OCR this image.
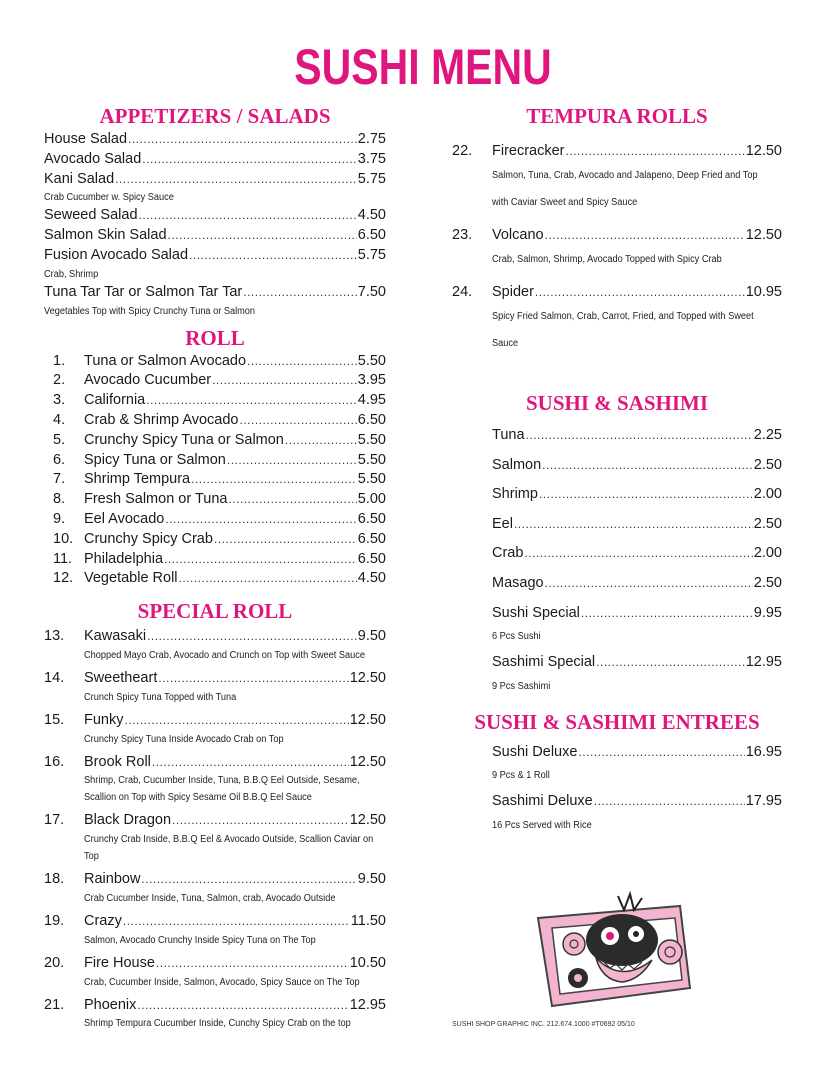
SUSHI MENU
APPETIZERS / SALADS
House Salad .....	2.75
Avocado Salad .....	3.75
Kani Salad .....	5.75
Crab Cucumber w. Spicy Sauce
Seweed Salad .....	4.50
Salmon Skin Salad .....	6.50
Fusion Avocado Salad .....	5.75
Crab, Shrimp
Tuna Tar Tar or Salmon Tar Tar .....	7.50
Vegetables Top with Spicy Crunchy Tuna or Salmon
ROLL
1.	Tuna or Salmon Avocado .....	5.50
2.	Avocado Cucumber .....	3.95
3.	California .....	4.95
4.	Crab & Shrimp Avocado .....	6.50
5.	Crunchy Spicy Tuna or Salmon .....	5.50
6.	Spicy Tuna or Salmon .....	5.50
7.	Shrimp Tempura .....	5.50
8.	Fresh Salmon or Tuna .....	5.00
9.	Eel Avocado .....	6.50
10. Crunchy Spicy Crab .....	6.50
11. Philadelphia .....	6.50
12. Vegetable Roll .....	4.50
SPECIAL ROLL
13.	Kawasaki .....	9.50
Chopped Mayo Crab, Avocado and Crunch on Top with Sweet Sauce
14.	Sweetheart .....	12.50
Crunch Spicy Tuna Topped with Tuna
15.	Funky .....	12.50
Crunchy Spicy Tuna Inside Avocado Crab on Top
16.	Brook Roll .....	12.50
Shrimp, Crab, Cucumber Inside, Tuna, B.B.Q Eel Outside, Sesame, Scallion on Top with Spicy Sesame Oil B.B.Q Eel Sauce
17.	Black Dragon .....	12.50
Crunchy Crab Inside, B.B.Q Eel & Avocado Outside, Scallion Caviar on Top
18.	Rainbow .....	9.50
Crab Cucumber Inside, Tuna, Salmon, crab, Avocado Outside
19.	Crazy .....	11.50
Salmon, Avocado Crunchy Inside Spicy Tuna on The Top
20.	Fire House .....	10.50
Crab, Cucumber Inside, Salmon, Avocado, Spicy Sauce on The Top
21.	Phoenix .....	12.95
Shrimp Tempura Cucumber Inside, Cunchy Spicy Crab on the top
TEMPURA ROLLS
22.	Firecracker .....	12.50
Salmon, Tuna, Crab, Avocado and Jalapeno, Deep Fried and Top with Caviar Sweet and Spicy Sauce
23.	Volcano .....	12.50
Crab, Salmon, Shrimp, Avocado Topped with Spicy Crab
24.	Spider .....	10.95
Spicy Fried Salmon, Crab, Carrot, Fried, and Topped with Sweet Sauce
SUSHI & SASHIMI
Tuna .....	2.25
Salmon .....	2.50
Shrimp .....	2.00
Eel .....	2.50
Crab .....	2.00
Masago .....	2.50
Sushi Special .....	9.95
6 Pcs Sushi
Sashimi Special .....	12.95
9 Pcs Sashimi
SUSHI & SASHIMI ENTREES
Sushi Deluxe .....	16.95
9 Pcs & 1 Roll
Sashimi Deluxe .....	17.95
16 Pcs Served with Rice
SUSHI SHOP GRAPHIC INC. 212.674.1000 #T0692 05/10
